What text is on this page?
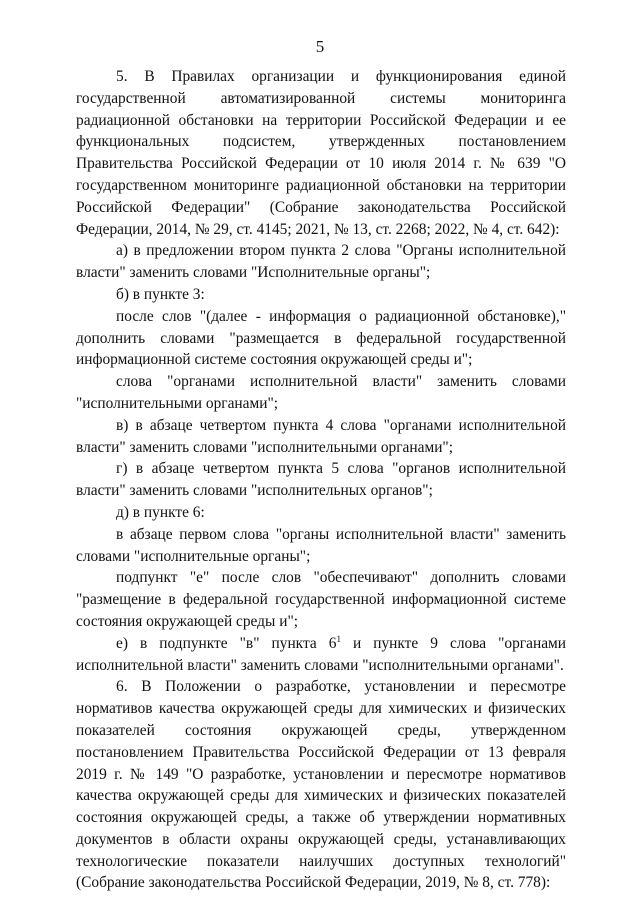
5

5. В Правилах организации и функционирования единой государственной автоматизированной системы мониторинга радиационной обстановки на территории Российской Федерации и ее функциональных подсистем, утвержденных постановлением Правительства Российской Федерации от 10 июля 2014 г. № 639 "О государственном мониторинге радиационной обстановки на территории Российской Федерации" (Собрание законодательства Российской Федерации, 2014, № 29, ст. 4145; 2021, № 13, ст. 2268; 2022, № 4, ст. 642):

а) в предложении втором пункта 2 слова "Органы исполнительной власти" заменить словами "Исполнительные органы";

б) в пункте 3:

после слов "(далее - информация о радиационной обстановке)," дополнить словами "размещается в федеральной государственной информационной системе состояния окружающей среды и";

слова "органами исполнительной власти" заменить словами "исполнительными органами";

в) в абзаце четвертом пункта 4 слова "органами исполнительной власти" заменить словами "исполнительными органами";

г) в абзаце четвертом пункта 5 слова "органов исполнительной власти" заменить словами "исполнительных органов";

д) в пункте 6:

в абзаце первом слова "органы исполнительной власти" заменить словами "исполнительные органы";

подпункт "е" после слов "обеспечивают" дополнить словами "размещение в федеральной государственной информационной системе состояния окружающей среды и";

е) в подпункте "в" пункта $6^1$ и пункте 9 слова "органами исполнительной власти" заменить словами "исполнительными органами".

6. В Положении о разработке, установлении и пересмотре нормативов качества окружающей среды для химических и физических показателей состояния окружающей среды, утвержденном постановлением Правительства Российской Федерации от 13 февраля 2019 г. № 149 "О разработке, установлении и пересмотре нормативов качества окружающей среды для химических и физических показателей состояния окружающей среды, а также об утверждении нормативных документов в области охраны окружающей среды, устанавливающих технологические показатели наилучших доступных технологий" (Собрание законодательства Российской Федерации, 2019, № 8, ст. 778):
